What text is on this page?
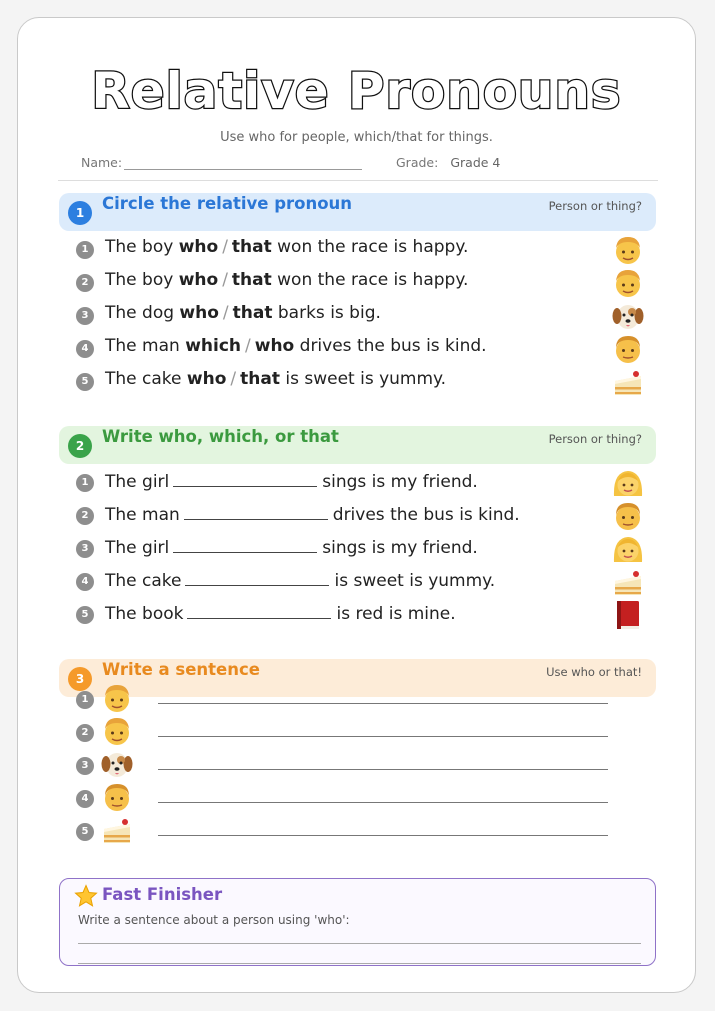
Relative Pronouns
Use who for people, which/that for things.
Name:	Grade: Grade 4
1	Circle the relative pronoun	Person or thing?
1 The boy who / that won the race is happy.
2 The boy who / that won the race is happy.
3 The dog who / that barks is big.
4 The man which / who drives the bus is kind.
5 The cake who / that is sweet is yummy.
2	Write who, which, or that	Person or thing?
1 The girl	sings is my friend.
2 The man	drives the bus is kind.
3 The girl	sings is my friend.
4 The cake	is sweet is yummy.
5 The book	is red is mine.
3	Write a sentence	Use who or that!
1
2
3
4
5
Fast Finisher
Write a sentence about a person using 'who':
